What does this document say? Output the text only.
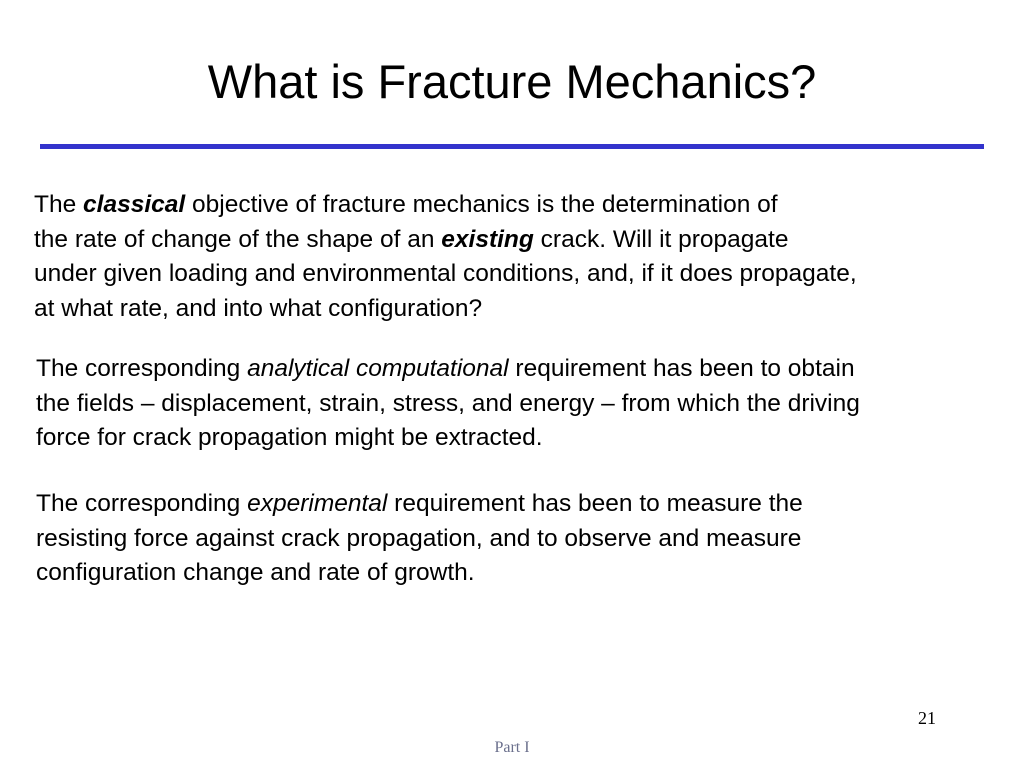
What is Fracture Mechanics?

The classical objective of fracture mechanics is the determination of
the rate of change of the shape of an existing crack. Will it propagate
under given loading and environmental conditions, and, if it does propagate,
at what rate, and into what configuration?

The corresponding analytical computational requirement has been to obtain
the fields – displacement, strain, stress, and energy – from which the driving
force for crack propagation might be extracted.

The corresponding experimental requirement has been to measure the
resisting force against crack propagation, and to observe and measure
configuration change and rate of growth.

21
Part I
